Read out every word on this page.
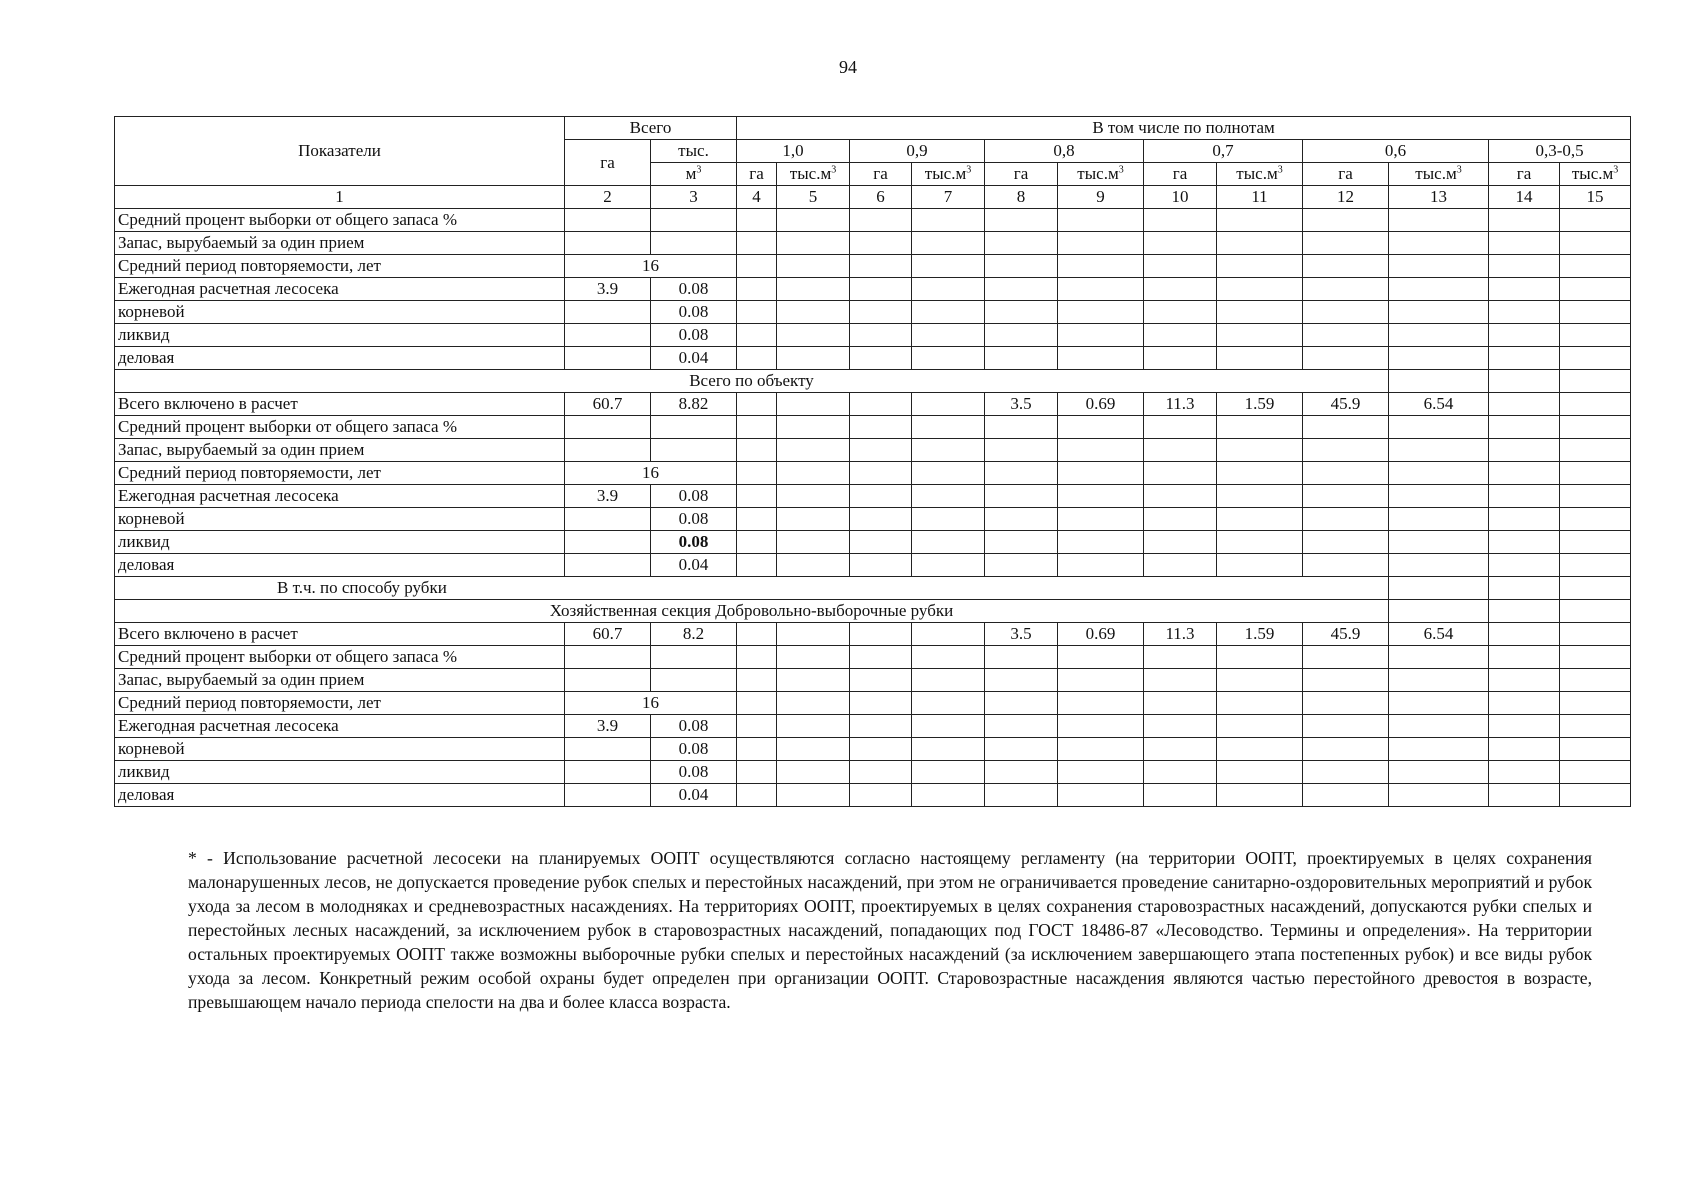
94
Показатели	Всего		В том числе по полнотам											
	га	тыс.	1,0		0,9		0,8		0,7		0,6		0,3-0,5	
		$м^3$	га	$тыс.м^3$	га	$тыс.м^3$	га	$тыс.м^3$	га	$тыс.м^3$	га	$тыс.м^3$	га	$тыс.м^3$
1	2	3	4	5	6	7	8	9	10	11	12	13	14	15
Средний процент выборки от общего запаса %														
Запас, вырубаемый за один прием														
Средний период повторяемости, лет	16													
Ежегодная расчетная лесосека	3.9	0.08												
корневой		0.08												
ликвид		0.08												
деловая		0.04												
Всего по объекту														
Всего включено в расчет	60.7	8.82					3.5	0.69	11.3	1.59	45.9	6.54		
Средний процент выборки от общего запаса %														
Запас, вырубаемый за один прием														
Средний период повторяемости, лет	16													
Ежегодная расчетная лесосека	3.9	0.08												
корневой		0.08												
ликвид		0.08												
деловая		0.04												
В т.ч. по способу рубки														
Хозяйственная секция Добровольно-выборочные рубки														
Всего включено в расчет	60.7	8.2					3.5	0.69	11.3	1.59	45.9	6.54		
Средний процент выборки от общего запаса %														
Запас, вырубаемый за один прием														
Средний период повторяемости, лет	16													
Ежегодная расчетная лесосека	3.9	0.08												
корневой		0.08												
ликвид		0.08												
деловая		0.04												
* - Использование расчетной лесосеки на планируемых ООПТ осуществляются согласно настоящему регламенту (на территории ООПТ, проектируемых в целях сохранения малонарушенных лесов, не допускается проведение рубок спелых и перестойных насаждений, при этом не ограничивается проведение санитарно-оздоровительных мероприятий и рубок ухода за лесом в молодняках и средневозрастных насаждениях. На территориях ООПТ, проектируемых в целях сохранения старовозрастных насаждений, допускаются рубки спелых и перестойных лесных насаждений, за исключением рубок в старовозрастных насаждений, попадающих под ГОСТ 18486-87 «Лесоводство. Термины и определения». На территории остальных проектируемых ООПТ также возможны выборочные рубки спелых и перестойных насаждений (за исключением завершающего этапа постепенных рубок) и все виды рубок ухода за лесом. Конкретный режим особой охраны будет определен при организации ООПТ. Старовозрастные насаждения являются частью перестойного древостоя в возрасте, превышающем начало периода спелости на два и более класса возраста.
